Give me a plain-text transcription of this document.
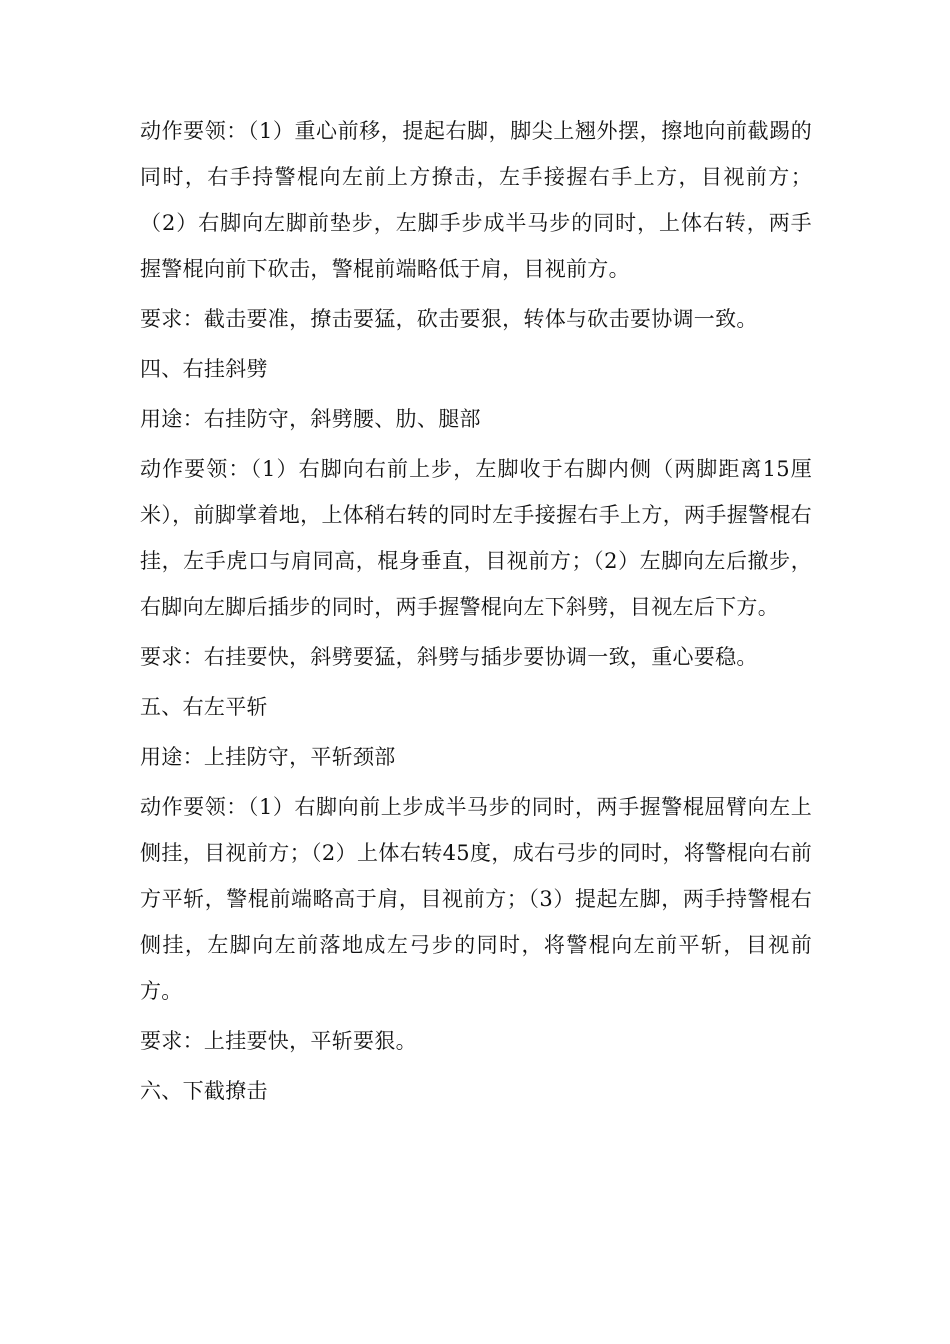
动作要领：（1）重心前移，提起右脚，脚尖上翘外摆，擦地向前截踢的同时，右手持警棍向左前上方撩击，左手接握右手上方，目视前方；（2）右脚向左脚前垫步，左脚手步成半马步的同时，上体右转，两手握警棍向前下砍击，警棍前端略低于肩，目视前方。

要求：截击要准，撩击要猛，砍击要狠，转体与砍击要协调一致。

四、右挂斜劈

用途：右挂防守，斜劈腰、肋、腿部

动作要领：（1）右脚向右前上步，左脚收于右脚内侧（两脚距离15厘米），前脚掌着地，上体稍右转的同时左手接握右手上方，两手握警棍右挂，左手虎口与肩同高，棍身垂直，目视前方；（2）左脚向左后撤步，右脚向左脚后插步的同时，两手握警棍向左下斜劈，目视左后下方。

要求：右挂要快，斜劈要猛，斜劈与插步要协调一致，重心要稳。

五、右左平斩

用途：上挂防守，平斩颈部

动作要领：（1）右脚向前上步成半马步的同时，两手握警棍屈臂向左上侧挂，目视前方；（2）上体右转45度，成右弓步的同时，将警棍向右前方平斩，警棍前端略高于肩，目视前方；（3）提起左脚，两手持警棍右侧挂，左脚向左前落地成左弓步的同时，将警棍向左前平斩，目视前方。

要求：上挂要快，平斩要狠。

六、下截撩击
